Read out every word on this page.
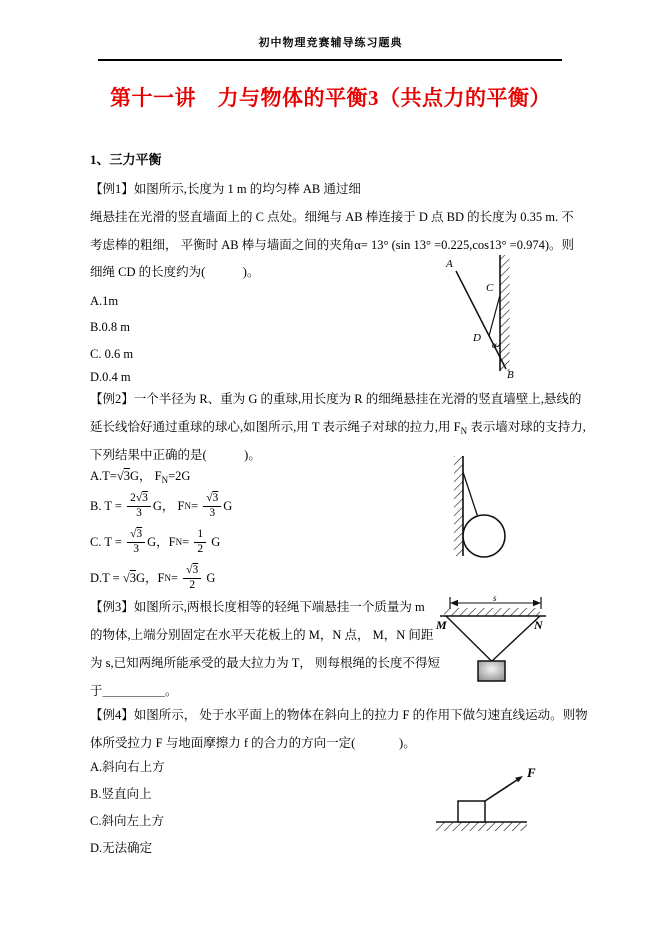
初中物理竞赛辅导练习题典
第十一讲　力与物体的平衡3（共点力的平衡）
1、三力平衡
【例1】如图所示,长度为 1 m 的均匀棒 AB 通过细
绳悬挂在光滑的竖直墙面上的 C 点处。细绳与 AB 棒连接于 D 点 BD 的长度为 0.35 m. 不
考虑棒的粗细， 平衡时 AB 棒与墙面之间的夹角α= 13° (sin 13° =0.225,cos13° =0.974)。则
细绳 CD 的长度约为(            )。
A.1m
B.0.8 m
C. 0.6 m
D.0.4 m
A
C
D
α
B
【例2】一个半径为 R、重为 G 的重球,用长度为 R 的细绳悬挂在光滑的竖直墙壁上,悬线的
延长线恰好通过重球的球心,如图所示,用 T 表示绳子对球的拉力,用 $F_N$ 表示墙对球的支持力,
下列结果中正确的是(            )。
A.T=√3G， $F_N=2G$
B. $T = \frac{2√3}{3}$ G， F $N = \frac{√3}{3}$ G
C. $T = \frac{√3}{3}$ G，F $N = \frac{1}{2}$ G
D.T = √3 G，F $N = \frac{√3}{2}$ G
【例3】如图所示,两根长度相等的轻绳下端悬挂一个质量为 m
的物体,上端分别固定在水平天花板上的 M，N 点， M，N 间距
为 s,已知两绳所能承受的最大拉力为 T， 则每根绳的长度不得短
于＿＿＿＿＿。
s
M	N
【例4】如图所示， 处于水平面上的物体在斜向上的拉力 F 的作用下做匀速直线运动。则物
体所受拉力 F 与地面摩擦力 f 的合力的方向一定(              )。
A.斜向右上方
B.竖直向上
C.斜向左上方
D.无法确定
F
